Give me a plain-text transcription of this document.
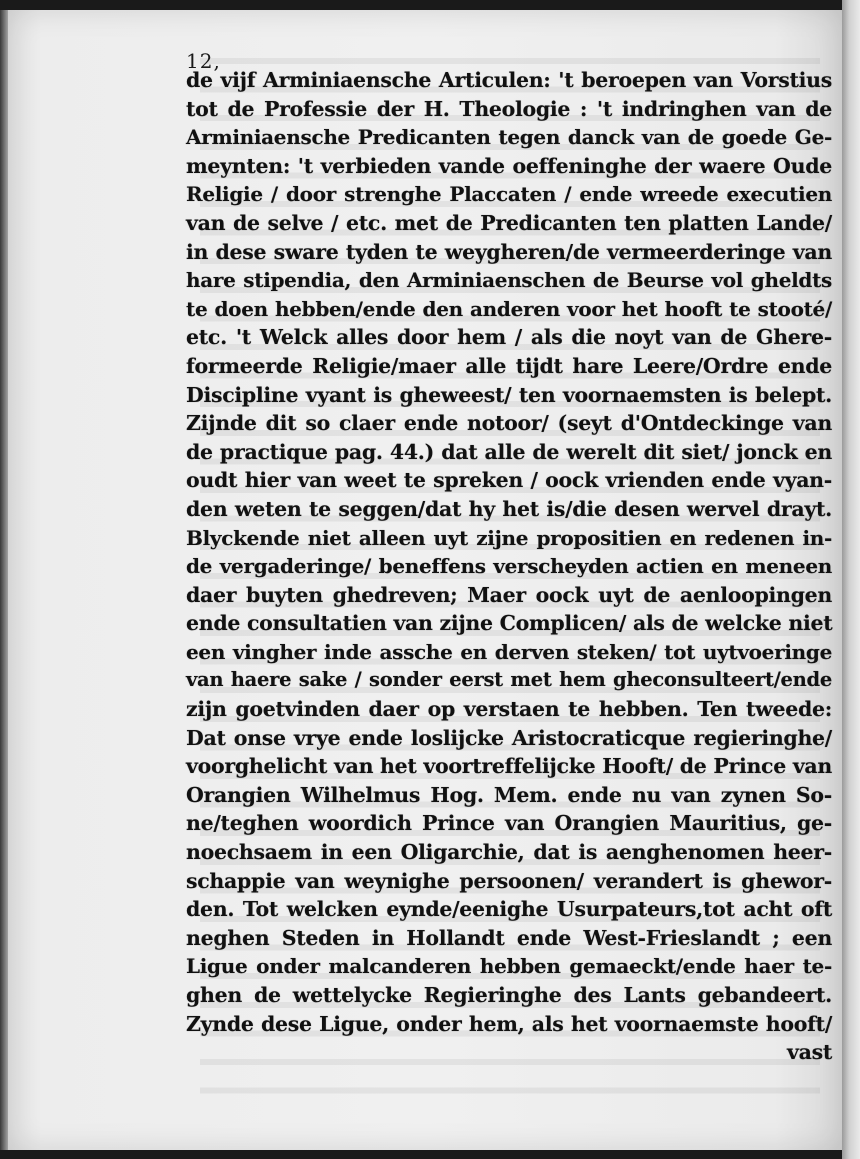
12,
de vijf Arminiaensche Articulen: 't beroepen van Vorstius
tot de Professie der H. Theologie : 't indringhen van de
Arminiaensche Predicanten tegen danck van de goede Ge-
meynten: 't verbieden vande oeffeninghe der waere Oude
Religie / door strenghe Placcaten / ende wreede executien
van de selve / etc. met de Predicanten ten platten Lande/
in dese sware tyden te weygheren/de vermeerderinge van
hare stipendia, den Arminiaenschen de Beurse vol gheldts
te doen hebben/ende den anderen voor het hooft te stooté/
etc. 't Welck alles door hem / als die noyt van de Ghere-
formeerde Religie/maer alle tijdt hare Leere/Ordre ende
Discipline vyant is gheweest/ ten voornaemsten is belept.
Zijnde dit so claer ende notoor/ (seyt d'Ontdeckinge van
de practique pag. 44.) dat alle de werelt dit siet/ jonck en
oudt hier van weet te spreken / oock vrienden ende vyan-
den weten te seggen/dat hy het is/die desen wervel drayt.
Blyckende niet alleen uyt zijne propositien en redenen in-
de vergaderinge/ beneffens verscheyden actien en meneen
daer buyten ghedreven; Maer oock uyt de aenloopingen
ende consultatien van zijne Complicen/ als de welcke niet
een vingher inde assche en derven steken/ tot uytvoeringe
van haere sake / sonder eerst met hem gheconsulteert/ende
zijn goetvinden daer op verstaen te hebben. Ten tweede:
Dat onse vrye ende loslijcke Aristocraticque regieringhe/
voorghelicht van het voortreffelijcke Hooft/ de Prince van
Orangien Wilhelmus Hog. Mem. ende nu van zynen So-
ne/teghen woordich Prince van Orangien Mauritius, ge-
noechsaem in een Oligarchie, dat is aenghenomen heer-
schappie van weynighe persoonen/ verandert is ghewor-
den. Tot welcken eynde/eenighe Usurpateurs,tot acht oft
neghen Steden in Hollandt ende West-Frieslandt ; een
Ligue onder malcanderen hebben gemaeckt/ende haer te-
ghen de wettelycke Regieringhe des Lants gebandeert.
Zynde dese Ligue, onder hem, als het voornaemste hooft/
vast
